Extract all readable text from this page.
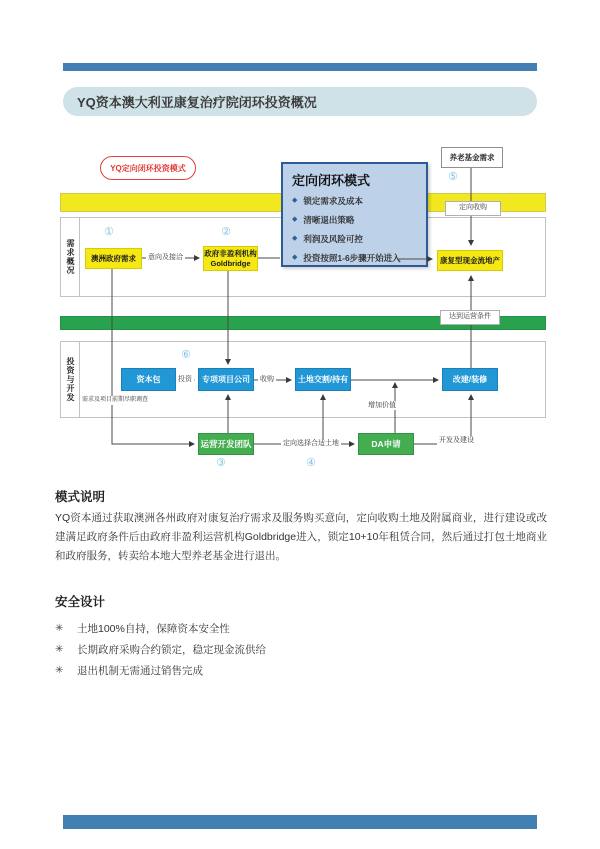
YQ资本澳大利亚康复治疗院闭环投资概况
需求概况
投资与开发
YQ定向闭环投资模式
养老基金需求
定向闭环模式
◆ 锁定需求及成本
◆ 清晰退出策略
◆ 利润及风险可控
◆ 投资按照1-6步骤开始进入
澳洲政府需求
政府非盈利机构
Goldbridge	康复型现金流地产
资本包	专项项目公司	土地交割/持有	改建/装修
运营开发团队	DA申请
①	②
③	④
⑤
⑥
意向及接洽
定向收购
达到运营条件
投资	收购
增加价值
定向选择合适土地	开发及建设
需求及项目前期尽职调查
模式说明
YQ资本通过获取澳洲各州政府对康复治疗需求及服务购买意向，定向收购土地及附属商业，进行建设或改建满足政府条件后由政府非盈利运营机构Goldbridge进入，锁定10+10年租赁合同，然后通过打包土地商业和政府服务，转卖给本地大型养老基金进行退出。
安全设计
✳	土地100%自持，保障资本安全性
✳	长期政府采购合约锁定，稳定现金流供给
✳	退出机制无需通过销售完成
